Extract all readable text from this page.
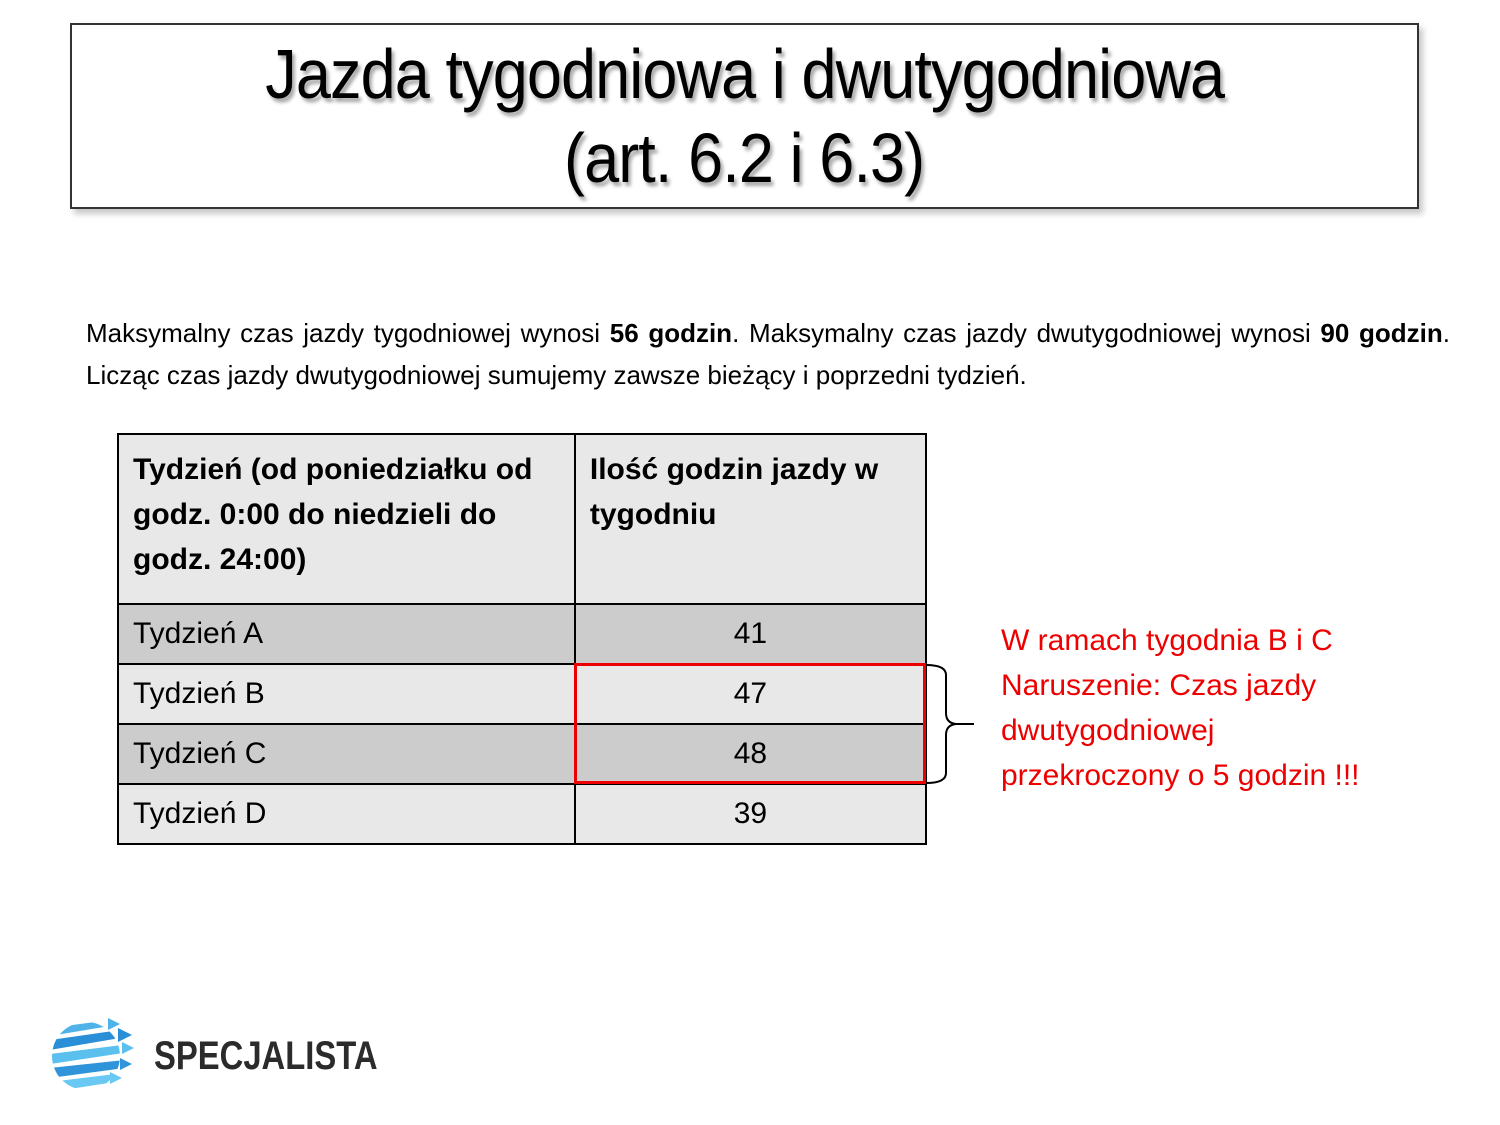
Jazda tygodniowa i dwutygodniowa
(art. 6.2 i 6.3)

Maksymalny czas jazdy tygodniowej wynosi 56 godzin. Maksymalny czas jazdy dwutygodniowej wynosi 90 godzin. Licząc czas jazdy dwutygodniowej sumujemy zawsze bieżący i poprzedni tydzień.

Tydzień (od poniedziałku od godz. 0:00 do niedzieli do godz. 24:00)	Ilość godzin jazdy w tygodniu
Tydzień A	41
Tydzień B	47
Tydzień C	48
Tydzień D	39
W ramach tygodnia B i C
Naruszenie: Czas jazdy
dwutygodniowej
przekroczony o 5 godzin !!!
SPECJALISTA
